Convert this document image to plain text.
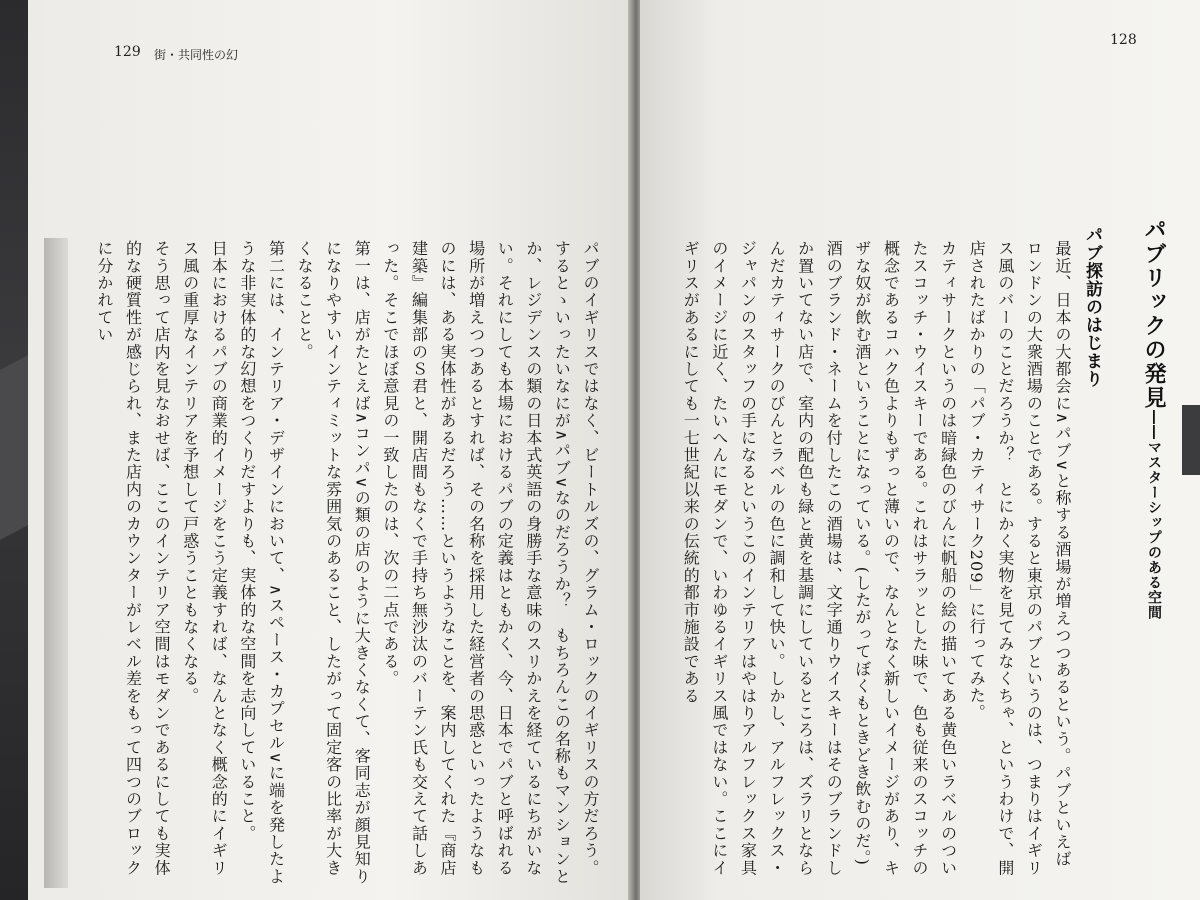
129 街・共同性の幻
パブのイギリスではなく、ビートルズの、グラム・ロックのイギリスの方だろう。
するとゝいったいなにが∧パブ∨なのだろうか？　もちろんこの名称もマンションとか、レジデンスの類の日本式英語の身勝手な意味のスリかえを経ているにちがいない。それにしても本場におけるパブの定義はともかく、今、日本でパブと呼ばれる場所が増えつつあるとすれば、その名称を採用した経営者の思惑といったようなものには、ある実体性があるだろう……というようなことを、案内してくれた『商店建築』編集部のＳ君と、開店間もなくで手持ち無沙汰のバーテン氏も交えて話しあった。そこでほぼ意見の一致したのは、次の二点である。
第一は、店がたとえば∧コンパ∨の類の店のように大きくなくて、客同志が顔見知りになりやすいインティミットな雰囲気のあること、したがって固定客の比率が大きくなることと。
第二には、インテリア・デザインにおいて、∧スペース・カプセル∨に端を発したような非実体的な幻想をつくりだすよりも、実体的な空間を志向していること。
日本におけるパブの商業的イメージをこう定義すれば、なんとなく概念的にイギリス風の重厚なインテリアを予想して戸惑うこともなくなる。
そう思って店内を見なおせば、ここのインテリア空間はモダンであるにしても実体的な硬質性が感じられ、また店内のカウンターがレベル差をもって四つのブロックに分かれてい
128
パブリックの発見
――マスターシップのある空間
パブ探訪のはじまり
最近、日本の大都会に∧パブ∨と称する酒場が増えつつあるという。パブといえばロンドンの大衆酒場のことである。すると東京のパブというのは、つまりはイギリス風のバーのことだろうか？　とにかく実物を見てみなくちゃ、というわけで、開店されたばかりの「パブ・カティサーク209」に行ってみた。
カティサークというのは暗緑色のびんに帆船の絵の描いてある黄色いラベルのついたスコッチ・ウイスキーである。これはサラッとした味で、色も従来のスコッチの概念であるコハク色よりもずっと薄いので、なんとなく新しいイメージがあり、キザな奴が飲む酒ということになっている。(したがってぼくもときどき飲むのだ。)　酒のブランド・ネームを付したこの酒場は、文字通りウイスキーはそのブランドしか置いてない店で、室内の配色も緑と黄を基調にしているところは、ズラリとならんだカティサークのびんとラベルの色に調和して快い。しかし、アルフレックス・ジャパンのスタッフの手になるというこのインテリアはやはりアルフレックス家具のイメージに近く、たいへんにモダンで、いわゆるイギリス風ではない。ここにイギリスがあるにしても一七世紀以来の伝統的都市施設である
